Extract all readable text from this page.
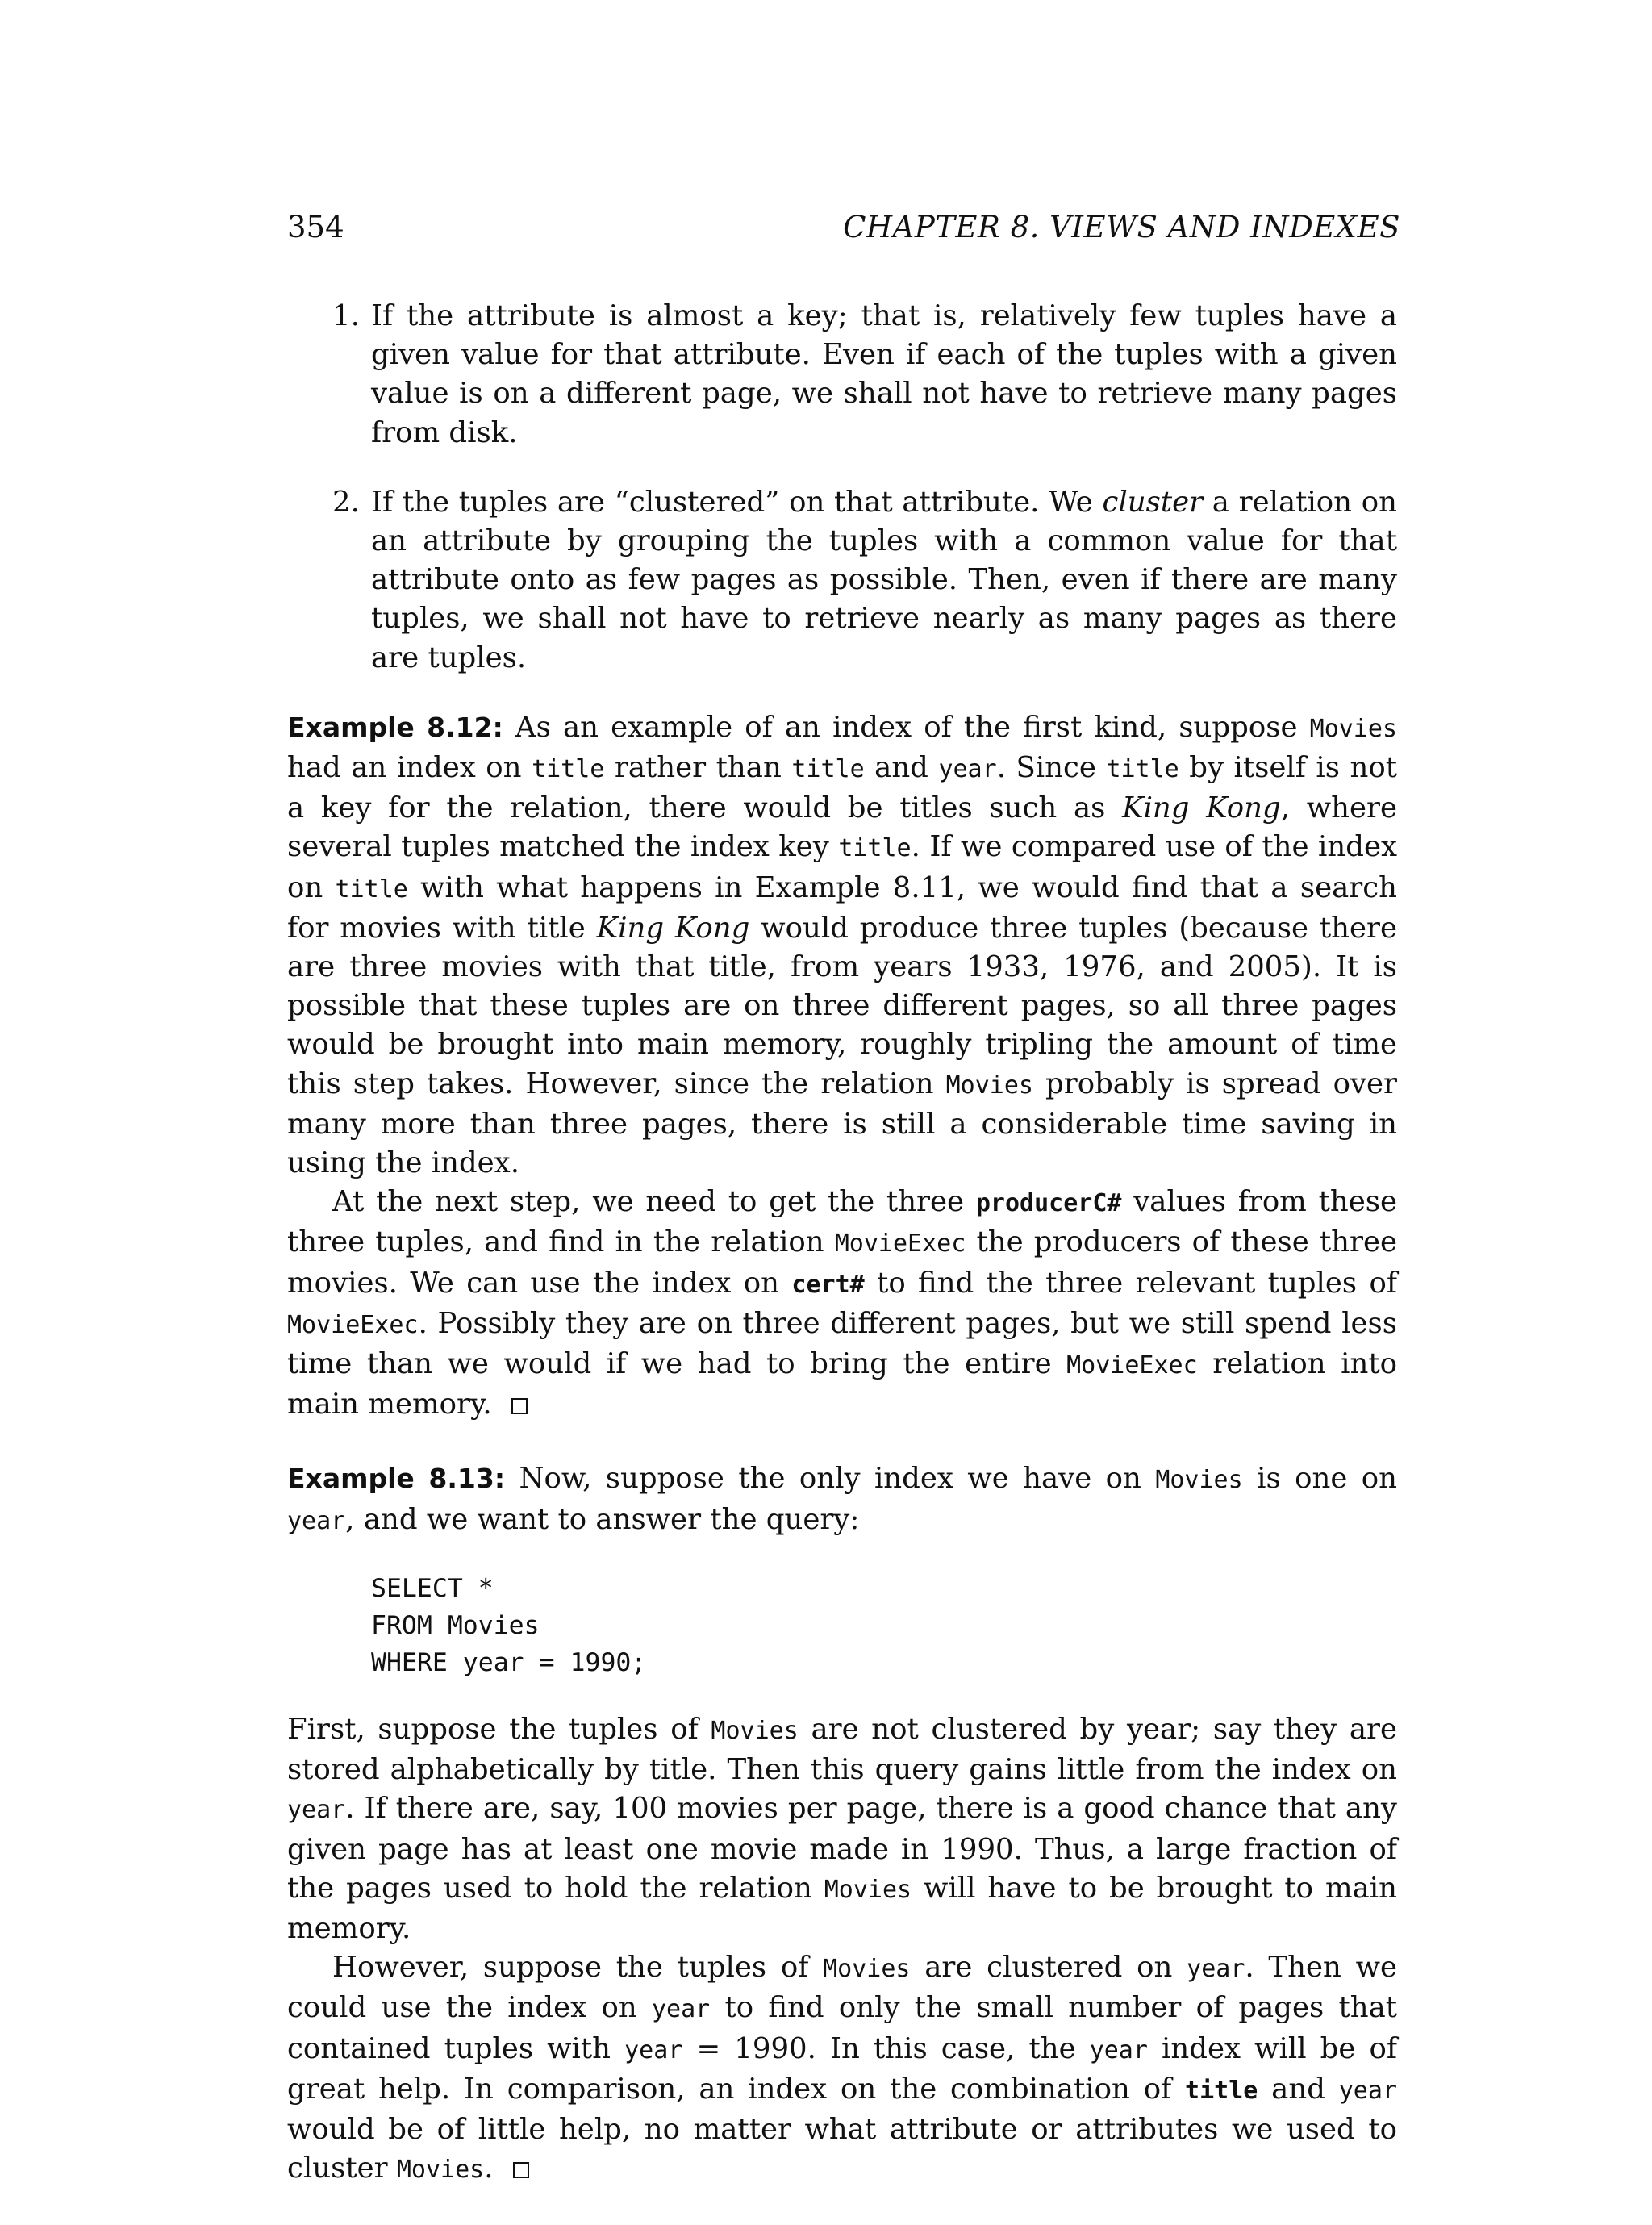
354	CHAPTER 8. VIEWS AND INDEXES
1. If the attribute is almost a key; that is, relatively few tuples have a given value for that attribute. Even if each of the tuples with a given value is on a different page, we shall not have to retrieve many pages from disk.
2. If the tuples are “clustered” on that attribute. We cluster a relation on an attribute by grouping the tuples with a common value for that attribute onto as few pages as possible. Then, even if there are many tuples, we shall not have to retrieve nearly as many pages as there are tuples.

Example 8.12: As an example of an index of the first kind, suppose Movies had an index on title rather than title and year. Since title by itself is not a key for the relation, there would be titles such as King Kong, where several tuples matched the index key title. If we compared use of the index on title with what happens in Example 8.11, we would find that a search for movies with title King Kong would produce three tuples (because there are three movies with that title, from years 1933, 1976, and 2005). It is possible that these tuples are on three different pages, so all three pages would be brought into main memory, roughly tripling the amount of time this step takes. However, since the relation Movies probably is spread over many more than three pages, there is still a considerable time saving in using the index.

At the next step, we need to get the three producerC# values from these three tuples, and find in the relation MovieExec the producers of these three movies. We can use the index on cert# to find the three relevant tuples of MovieExec. Possibly they are on three different pages, but we still spend less time than we would if we had to bring the entire MovieExec relation into main memory.

Example 8.13: Now, suppose the only index we have on Movies is one on year, and we want to answer the query:

SELECT *
FROM Movies
WHERE year = 1990;

First, suppose the tuples of Movies are not clustered by year; say they are stored alphabetically by title. Then this query gains little from the index on year. If there are, say, 100 movies per page, there is a good chance that any given page has at least one movie made in 1990. Thus, a large fraction of the pages used to hold the relation Movies will have to be brought to main memory.

However, suppose the tuples of Movies are clustered on year. Then we could use the index on year to find only the small number of pages that contained tuples with year = 1990. In this case, the year index will be of great help. In comparison, an index on the combination of title and year would be of little help, no matter what attribute or attributes we used to cluster Movies.
